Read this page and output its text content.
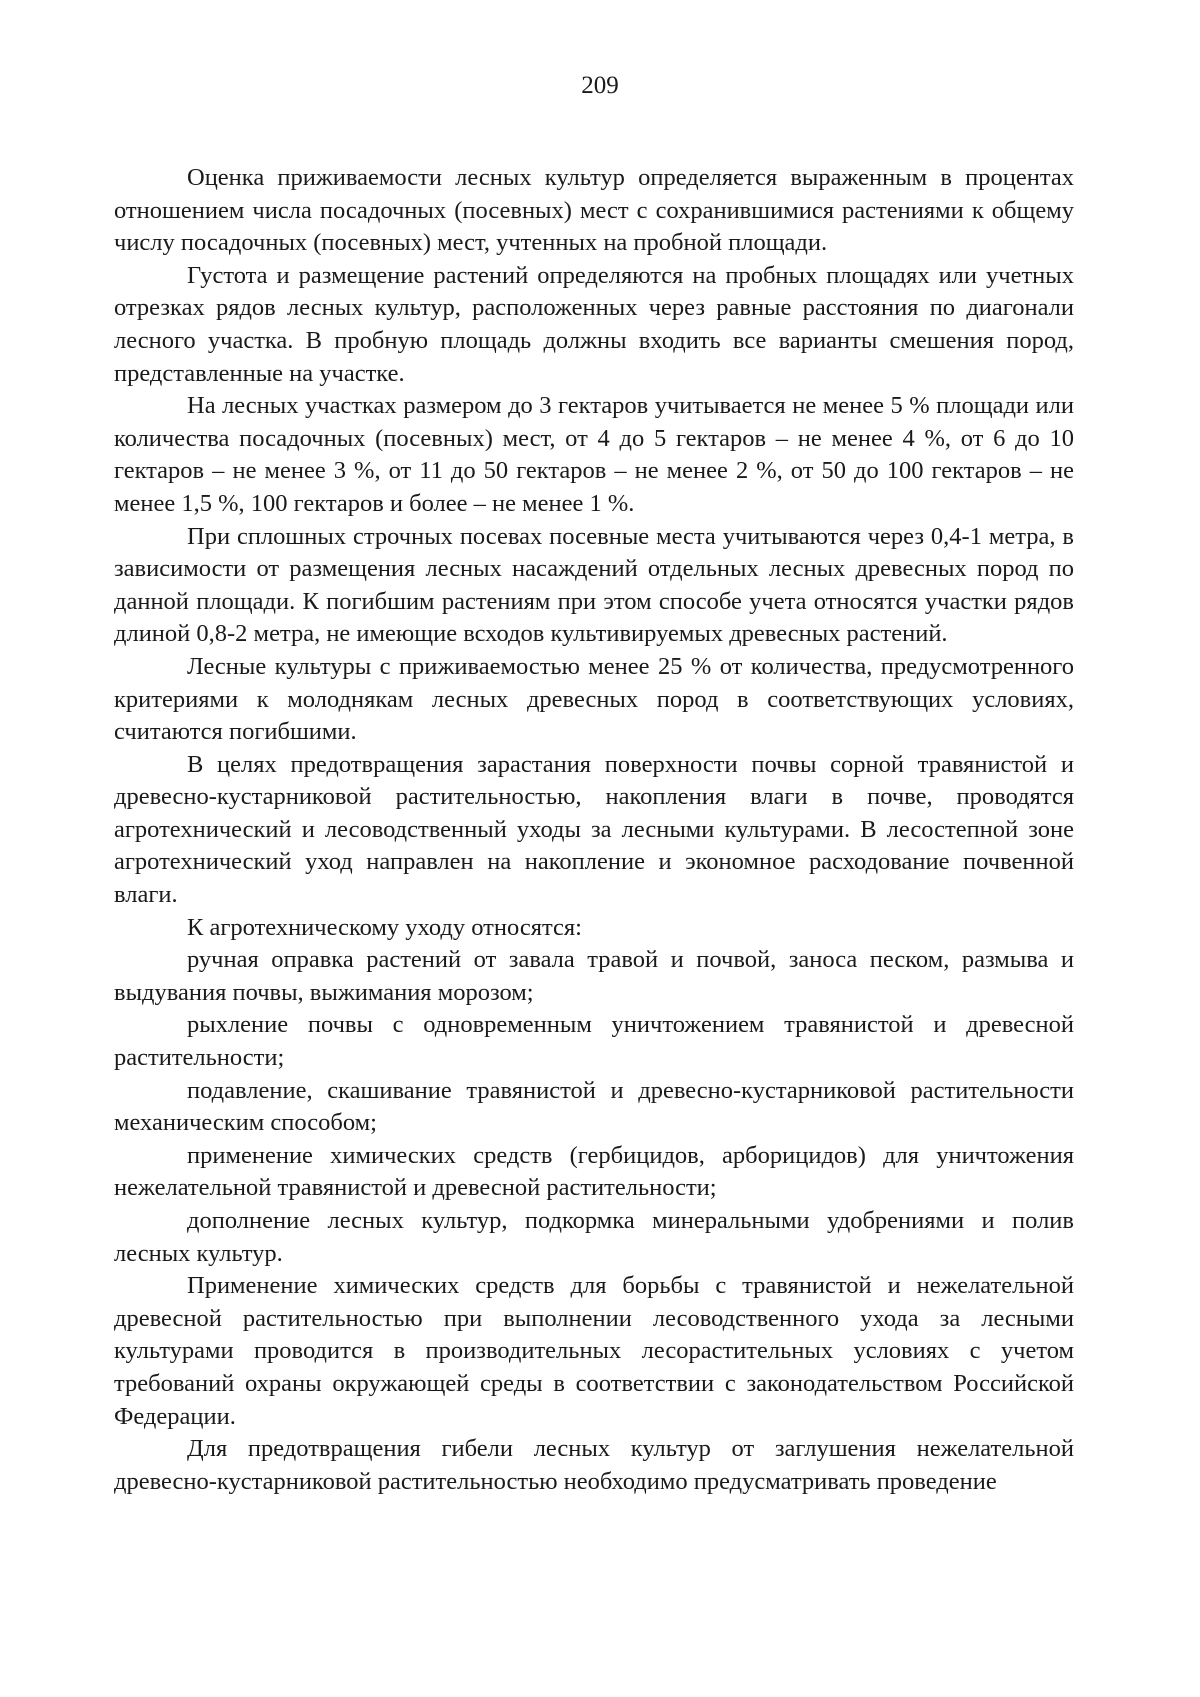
209

Оценка приживаемости лесных культур определяется выраженным в процентах отношением числа посадочных (посевных) мест с сохранившимися растениями к общему числу посадочных (посевных) мест, учтенных на пробной площади.

Густота и размещение растений определяются на пробных площадях или учетных отрезках рядов лесных культур, расположенных через равные расстояния по диагонали лесного участка. В пробную площадь должны входить все варианты смешения пород, представленные на участке.

На лесных участках размером до 3 гектаров учитывается не менее 5 % площади или количества посадочных (посевных) мест, от 4 до 5 гектаров – не менее 4 %, от 6 до 10 гектаров – не менее 3 %, от 11 до 50 гектаров – не менее 2 %, от 50 до 100 гектаров – не менее 1,5 %, 100 гектаров и более – не менее 1 %.

При сплошных строчных посевах посевные места учитываются через 0,4-1 метра, в зависимости от размещения лесных насаждений отдельных лесных древесных пород по данной площади. К погибшим растениям при этом способе учета относятся участки рядов длиной 0,8-2 метра, не имеющие всходов культивируемых древесных растений.

Лесные культуры с приживаемостью менее 25 % от количества, предусмотренного критериями к молоднякам лесных древесных пород в соответствующих условиях, считаются погибшими.

В целях предотвращения зарастания поверхности почвы сорной травянистой и древесно-кустарниковой растительностью, накопления влаги в почве, проводятся агротехнический и лесоводственный уходы за лесными культурами. В лесостепной зоне агротехнический уход направлен на накопление и экономное расходование почвенной влаги.

К агротехническому уходу относятся:

ручная оправка растений от завала травой и почвой, заноса песком, размыва и выдувания почвы, выжимания морозом;

рыхление почвы с одновременным уничтожением травянистой и древесной растительности;

подавление, скашивание травянистой и древесно-кустарниковой растительности механическим способом;

применение химических средств (гербицидов, арборицидов) для уничтожения нежелательной травянистой и древесной растительности;

дополнение лесных культур, подкормка минеральными удобрениями и полив лесных культур.

Применение химических средств для борьбы с травянистой и нежелательной древесной растительностью при выполнении лесоводственного ухода за лесными культурами проводится в производительных лесорастительных условиях с учетом требований охраны окружающей среды в соответствии с законодательством Российской Федерации.

Для предотвращения гибели лесных культур от заглушения нежелательной древесно-кустарниковой растительностью необходимо предусматривать проведение
